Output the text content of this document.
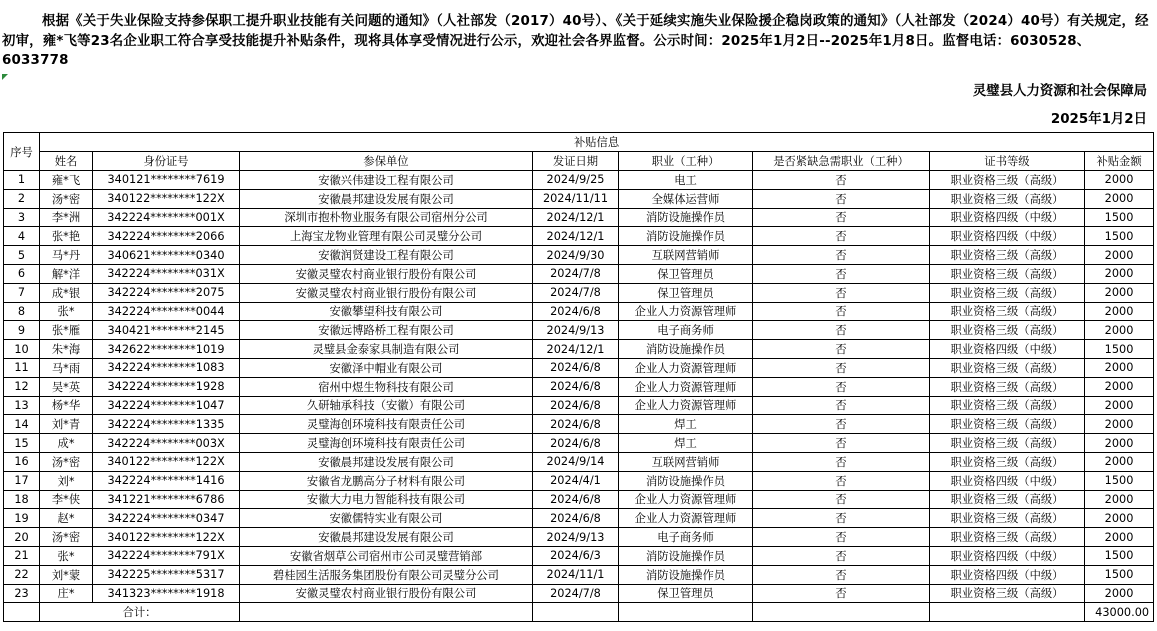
根据《关于失业保险支持参保职工提升职业技能有关问题的通知》（人社部发（2017）40号）、《关于延续实施失业保险援企稳岗政策的通知》（人社部发（2024）40号）有关规定，经初审，雍*飞等23名企业职工符合享受技能提升补贴条件，现将具体享受情况进行公示，欢迎社会各界监督。公示时间：2025年1月2日--2025年1月8日。监督电话：6030528、6033778
灵璧县人力资源和社会保障局
2025年1月2日
序号	补贴信息							
	姓名	身份证号	参保单位	发证日期	职业（工种）	是否紧缺急需职业（工种）	证书等级	补贴金额
1	雍*飞	340121********7619	安徽兴伟建设工程有限公司	2024/9/25	电工	否	职业资格三级（高级）	2000
2	汤*密	340122********122X	安徽晨邦建设发展有限公司	2024/11/11	全媒体运营师	否	职业资格三级（高级）	2000
3	李*洲	342224********001X	深圳市抱朴物业服务有限公司宿州分公司	2024/12/1	消防设施操作员	否	职业资格四级（中级）	1500
4	张*艳	342224********2066	上海宝龙物业管理有限公司灵璧分公司	2024/12/1	消防设施操作员	否	职业资格四级（中级）	1500
5	马*丹	340621********0340	安徽润贤建设工程有限公司	2024/9/30	互联网营销师	否	职业资格三级（高级）	2000
6	解*洋	342224********031X	安徽灵璧农村商业银行股份有限公司	2024/7/8	保卫管理员	否	职业资格三级（高级）	2000
7	成*银	342224********2075	安徽灵璧农村商业银行股份有限公司	2024/7/8	保卫管理员	否	职业资格三级（高级）	2000
8	张*	342224********0044	安徽攀望科技有限公司	2024/6/8	企业人力资源管理师	否	职业资格三级（高级）	2000
9	张*雁	340421********2145	安徽远博路桥工程有限公司	2024/9/13	电子商务师	否	职业资格三级（高级）	2000
10	朱*海	342622********1019	灵璧县金泰家具制造有限公司	2024/12/1	消防设施操作员	否	职业资格四级（中级）	1500
11	马*雨	342224********1083	安徽泽中帽业有限公司	2024/6/8	企业人力资源管理师	否	职业资格三级（高级）	2000
12	吴*英	342224********1928	宿州中煜生物科技有限公司	2024/6/8	企业人力资源管理师	否	职业资格三级（高级）	2000
13	杨*华	342224********1047	久研轴承科技（安徽）有限公司	2024/6/8	企业人力资源管理师	否	职业资格三级（高级）	2000
14	刘*青	342224********1335	灵璧海创环境科技有限责任公司	2024/6/8	焊工	否	职业资格三级（高级）	2000
15	成*	342224********003X	灵璧海创环境科技有限责任公司	2024/6/8	焊工	否	职业资格三级（高级）	2000
16	汤*密	340122********122X	安徽晨邦建设发展有限公司	2024/9/14	互联网营销师	否	职业资格三级（高级）	2000
17	刘*	342224********1416	安徽省龙鹏高分子材料有限公司	2024/4/1	消防设施操作员	否	职业资格四级（中级）	1500
18	李*侠	341221********6786	安徽大力电力智能科技有限公司	2024/6/8	企业人力资源管理师	否	职业资格三级（高级）	2000
19	赵*	342224********0347	安徽儒特实业有限公司	2024/6/8	企业人力资源管理师	否	职业资格三级（高级）	2000
20	汤*密	340122********122X	安徽晨邦建设发展有限公司	2024/9/13	电子商务师	否	职业资格三级（高级）	2000
21	张*	342224********791X	安徽省烟草公司宿州市公司灵璧营销部	2024/6/3	消防设施操作员	否	职业资格四级（中级）	1500
22	刘*蒙	342225********5317	碧桂园生活服务集团股份有限公司灵璧分公司	2024/11/1	消防设施操作员	否	职业资格四级（中级）	1500
23	庄*	341323********1918	安徽灵璧农村商业银行股份有限公司	2024/7/8	保卫管理员	否	职业资格三级（高级）	2000
	合计：							43000.00
